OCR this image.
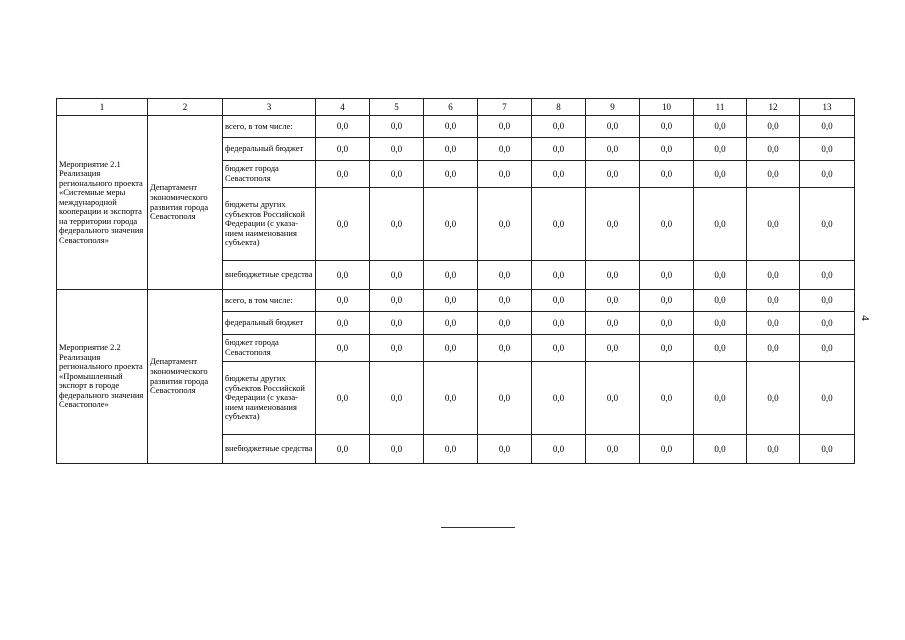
1	2	3	4	5	6	7	8	9	10	11	12	13
Мероприятие 2.1 Реализация регионального проекта «Системные меры международной кооперации и экспорта на территории города федерального значения Севастополя»	Департамент экономического развития города Севастополя	всего, в том числе:	0,0	0,0	0,0	0,0	0,0	0,0	0,0	0,0	0,0	0,0
		федеральный бюджет	0,0	0,0	0,0	0,0	0,0	0,0	0,0	0,0	0,0	0,0
		бюджет города Севастополя	0,0	0,0	0,0	0,0	0,0	0,0	0,0	0,0	0,0	0,0
		бюджеты других субъектов Российской Федерации (с указа-нием наименования субъекта)	0,0	0,0	0,0	0,0	0,0	0,0	0,0	0,0	0,0	0,0
		внебюджетные средства	0,0	0,0	0,0	0,0	0,0	0,0	0,0	0,0	0,0	0,0
Мероприятие 2.2 Реализация регионального проекта «Промышленный экспорт в городе федерального значения Севастополе»	Департамент экономического развития города Севастополя	всего, в том числе:	0,0	0,0	0,0	0,0	0,0	0,0	0,0	0,0	0,0	0,0
		федеральный бюджет	0,0	0,0	0,0	0,0	0,0	0,0	0,0	0,0	0,0	0,0
		бюджет города Севастополя	0,0	0,0	0,0	0,0	0,0	0,0	0,0	0,0	0,0	0,0
		бюджеты других субъектов Российской Федерации (с указа-нием наименования субъекта)	0,0	0,0	0,0	0,0	0,0	0,0	0,0	0,0	0,0	0,0
		внебюджетные средства	0,0	0,0	0,0	0,0	0,0	0,0	0,0	0,0	0,0	0,0
4
